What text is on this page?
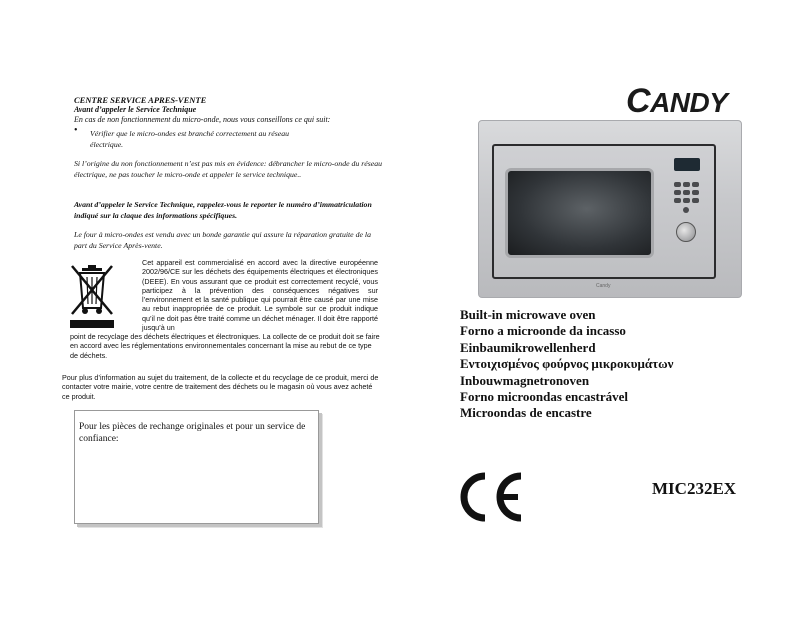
CENTRE SERVICE APRES-VENTE
Avant d’appeler le Service Technique
En cas de non fonctionnement du micro-onde, nous vous conseillons ce qui suit:
• Vérifier que le micro-ondes est branché correctement au réseau électrique.
Si l’origine du non fonctionnement n’est pas mis en évidence: débrancher le micro-onde du réseau électrique, ne pas toucher le micro-onde et appeler le service technique..
Avant d’appeler le Service Technique, rappelez-vous le reporter le numéro d’immatriculation indiqué sur la claque des informations spécifiques.
Le four à micro-ondes est vendu avec un bonde garantie qui assure la réparation gratuite de la part du Service Après-vente.
Cet appareil est commercialisé en accord avec la directive européenne 2002/96/CE sur les déchets des équipements électriques et électroniques (DEEE). En vous assurant que ce produit est correctement recyclé, vous participez à la prévention des conséquences négatives sur l’environnement et la santé publique qui pourrait être causé par une mise au rebut inappropriée de ce produit. Le symbole sur ce produit indique qu’il ne doit pas être traité comme un déchet ménager. Il doit être rapporté jusqu’à un
point de recyclage des déchets électriques et électroniques. La collecte de ce produit doit se faire en accord avec les réglementations environnementales concernant la mise au rebut de ce type de déchets.
Pour plus d’information au sujet du traitement, de la collecte et du recyclage de ce produit, merci de contacter votre mairie, votre centre de traitement des déchets ou le magasin où vous avez acheté ce produit.
Pour les pièces de rechange originales et pour un service de confiance:
CANDY
Candy
Built-in microwave oven
Forno a microonde da incasso
Einbaumikrowellenherd
Εντοιχισμένος φούρνος μικροκυμάτων
Inbouwmagnetronoven
Forno microondas encastrável
Microondas de encastre
MIC232EX
